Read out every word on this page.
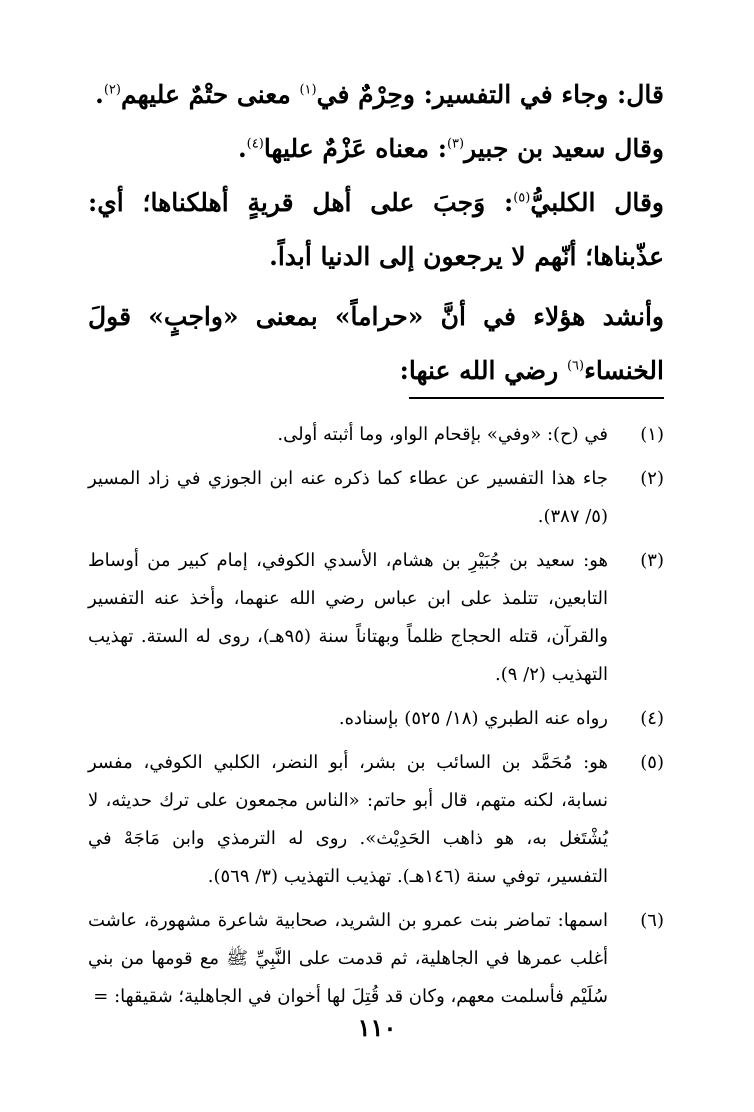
قال: وجاء في التفسير: وحِرْمٌ في$^{(١)}$ معنى حتْمٌ عليهم$^{(٢)}$.

وقال سعيد بن جبير$^{(٣)}$: معناه عَزْمٌ عليها$^{(٤)}$.

وقال الكلبيُّ$^{(٥)}$: وَجبَ على أهل قريةٍ أهلكناها؛ أي: عذّبناها؛ أنّهم لا يرجعون إلى الدنيا أبداً.

وأنشد هؤلاء في أنَّ «حراماً» بمعنى «واجبٍ» قولَ الخنساء$^{(٦)}$ رضي الله عنها:

(١)

في (ح): «وفي» بإقحام الواو، وما أثبته أولى.

(٢)

جاء هذا التفسير عن عطاء كما ذكره عنه ابن الجوزي في زاد المسير (٥/ ٣٨٧).

(٣)

هو: سعيد بن جُبَيْرِ بن هشام، الأسدي الكوفي، إمام كبير من أوساط التابعين، تتلمذ على ابن عباس رضي الله عنهما، وأخذ عنه التفسير والقرآن، قتله الحجاج ظلماً وبهتاناً سنة (٩٥هـ)، روى له الستة. تهذيب التهذيب (٢/ ٩).

(٤)

رواه عنه الطبري (١٨/ ٥٢٥) بإسناده.

(٥)

هو: مُحَمَّد بن السائب بن بشر، أبو النضر، الكلبي الكوفي، مفسر نسابة، لكنه متهم، قال أبو حاتم: «الناس مجمعون على ترك حديثه، لا يُشْتَغل به، هو ذاهب الحَدِيْث». روى له الترمذي وابن مَاجَهْ في التفسير، توفي سنة (١٤٦هـ). تهذيب التهذيب (٣/ ٥٦٩).

(٦)

اسمها: تماضر بنت عمرو بن الشريد، صحابية شاعرة مشهورة، عاشت أغلب عمرها في الجاهلية، ثم قدمت على النَّبِيِّ ﷺ مع قومها من بني سُلَيْم فأسلمت معهم، وكان قد قُتِلَ لها أخوان في الجاهلية؛ شقيقها: =

١١٠
